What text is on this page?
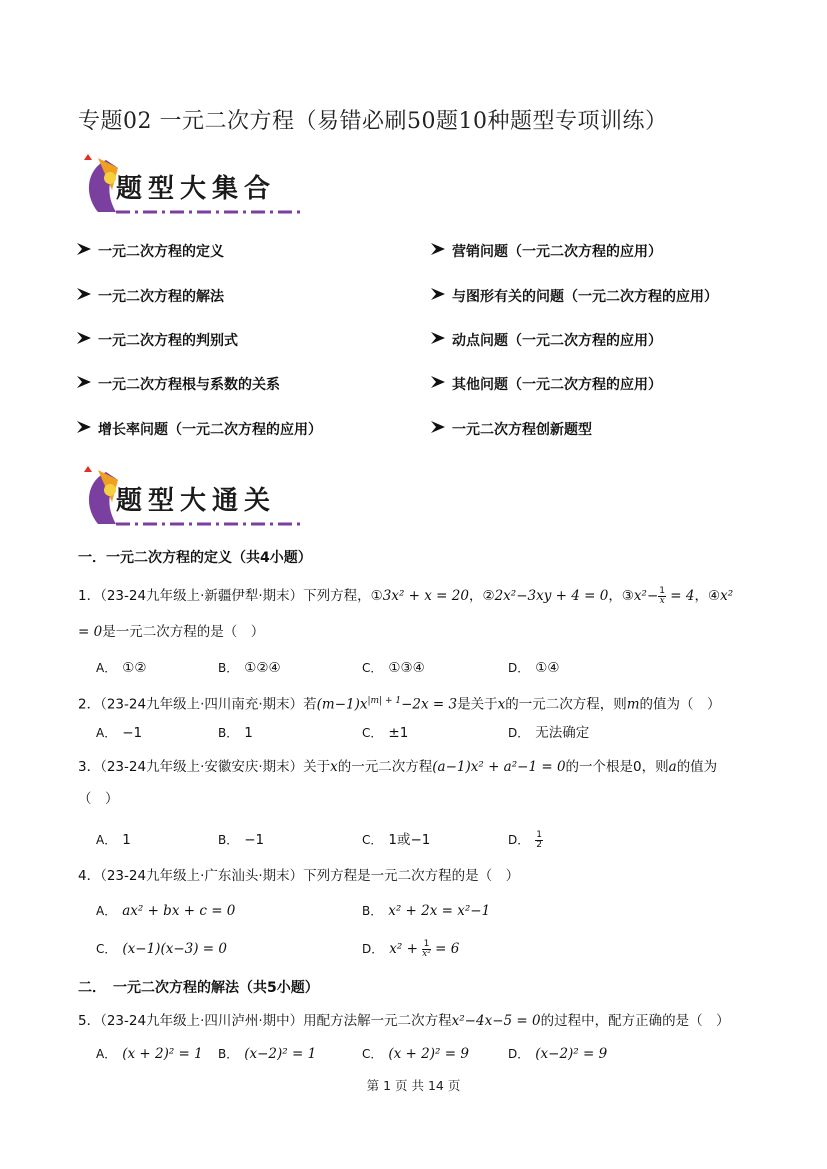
专题02 一元二次方程（易错必刷50题10种题型专项训练）
题型大集合
一元二次方程的定义
一元二次方程的解法
一元二次方程的判别式
一元二次方程根与系数的关系
增长率问题（一元二次方程的应用）
营销问题（一元二次方程的应用）
与图形有关的问题（一元二次方程的应用）
动点问题（一元二次方程的应用）
其他问题（一元二次方程的应用）
一元二次方程创新题型
题型大通关
一．一元二次方程的定义（共4小题）
1．（23-24九年级上·新疆伊犁·期末）下列方程，①3x² + x = 20，②2x²−3xy + 4 = 0，③x²− $\frac{1}{x} = 4$，④x²
= 0是一元二次方程的是（　）
A． ①②	B． ①②④	C． ①③④	D． ①④
2．（23-24九年级上·四川南充·期末）若$(m-1)x^{|m| + 1}-2x = 3$是关于x的一元二次方程，则m的值为（　）
A． −1	B． 1	C． ±1	D． 无法确定
3．（23-24九年级上·安徽安庆·期末）关于x的一元二次方程(a−1)x² + a²−1 = 0的一个根是0，则a的值为
（　）
A． 1	B． −1	C． 1或−1	D． $\frac{1}{2}$
4．（23-24九年级上·广东汕头·期末）下列方程是一元二次方程的是（　）
A． ax² + bx + c = 0	B． x² + 2x = x²−1
C． (x−1)(x−3) = 0	D． $x^2 + \frac{1}{\text{x²}} = 6$
二．　一元二次方程的解法（共5小题）
5．（23-24九年级上·四川泸州·期中）用配方法解一元二次方程x²−4x−5 = 0的过程中，配方正确的是（　）
A． (x + 2)² = 1 B． (x−2)² = 1	C． (x + 2)² = 9	D． (x−2)² = 9
第 1 页 共 14 页
